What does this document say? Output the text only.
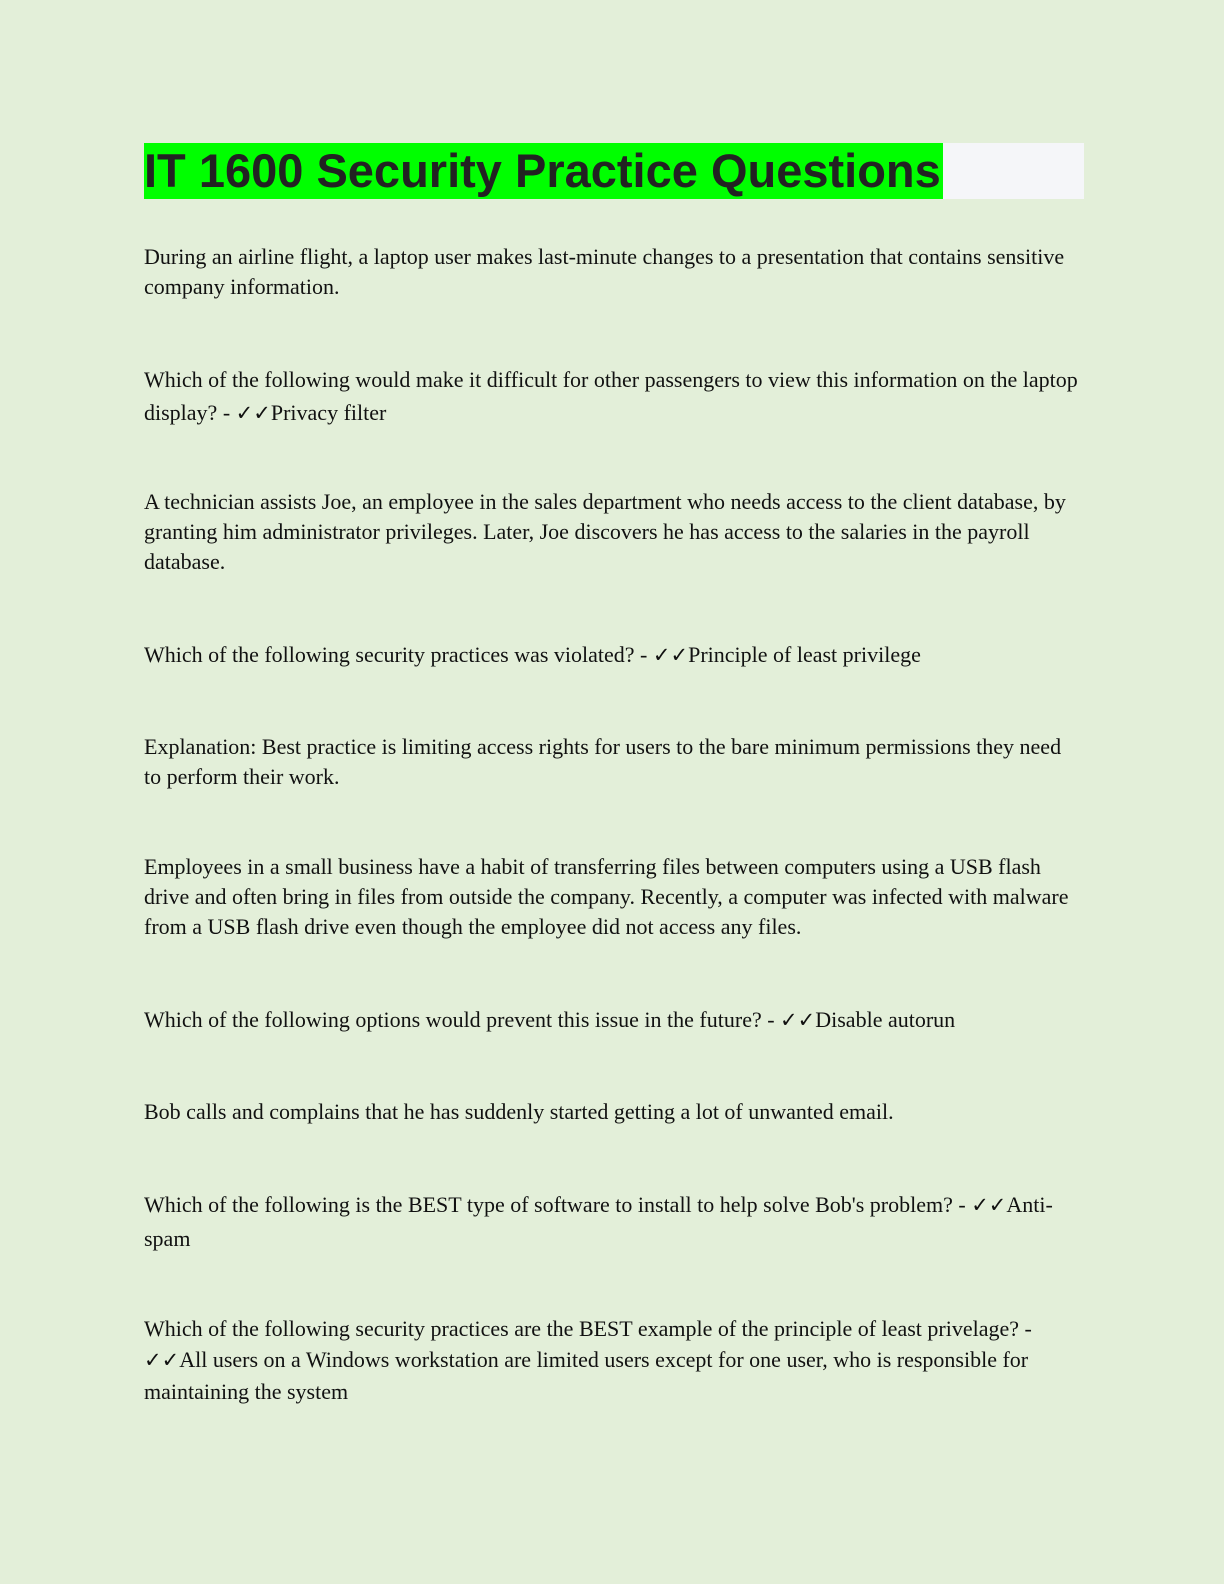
IT 1600 Security Practice Questions

During an airline flight, a laptop user makes last-minute changes to a presentation that contains sensitive company information.

Which of the following would make it difficult for other passengers to view this information on the laptop display? - ✓✓Privacy filter

A technician assists Joe, an employee in the sales department who needs access to the client database, by granting him administrator privileges. Later, Joe discovers he has access to the salaries in the payroll database.

Which of the following security practices was violated? - ✓✓Principle of least privilege

Explanation: Best practice is limiting access rights for users to the bare minimum permissions they need to perform their work.

Employees in a small business have a habit of transferring files between computers using a USB flash drive and often bring in files from outside the company. Recently, a computer was infected with malware from a USB flash drive even though the employee did not access any files.

Which of the following options would prevent this issue in the future? - ✓✓Disable autorun

Bob calls and complains that he has suddenly started getting a lot of unwanted email.

Which of the following is the BEST type of software to install to help solve Bob's problem? - ✓✓Anti-spam

Which of the following security practices are the BEST example of the principle of least privelage? - ✓✓All users on a Windows workstation are limited users except for one user, who is responsible for maintaining the system
